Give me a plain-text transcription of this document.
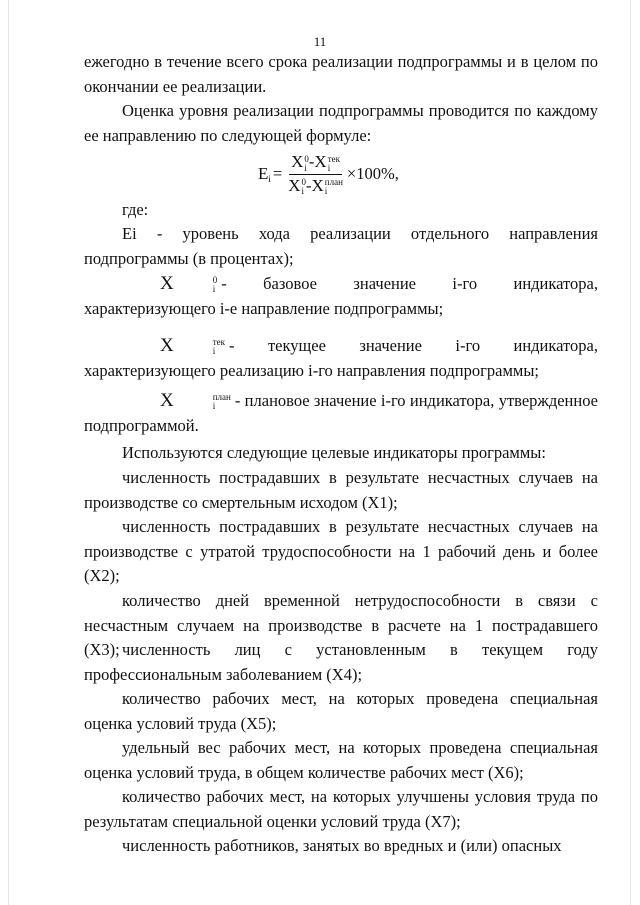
11

ежегодно в течение всего срока реализации подпрограммы и в целом по окончании ее реализации.

Оценка уровня реализации подпрограммы проводится по каждому ее направлению по следующей формуле:

$E_i = X$ 0
i -X тек
i
X 0
i -X план
i ×100%,

где:

Ei - уровень хода реализации отдельного направления подпрограммы (в процентах);

X	0
i - базовое значение i-го индикатора, характеризующего i-е направление подпрограммы;

X	тек
i - текущее значение i-го индикатора, характеризующего реализацию i-го направления подпрограммы;

X	план
i	- плановое значение i-го индикатора, утвержденное подпрограммой.

Используются следующие целевые индикаторы программы:

численность пострадавших в результате несчастных случаев на производстве со смертельным исходом (X1);

численность пострадавших в результате несчастных случаев на производстве с утратой трудоспособности на 1 рабочий день и более (X2);

количество дней временной нетрудоспособности в связи с несчастным случаем на производстве в расчете на 1 пострадавшего (X3); численность лиц с установленным в текущем году профессиональным заболеванием (X4);

количество рабочих мест, на которых проведена специальная оценка условий труда (X5);

удельный вес рабочих мест, на которых проведена специальная оценка условий труда, в общем количестве рабочих мест (X6);

количество рабочих мест, на которых улучшены условия труда по результатам специальной оценки условий труда (X7);

численность работников, занятых во вредных и (или) опасных
